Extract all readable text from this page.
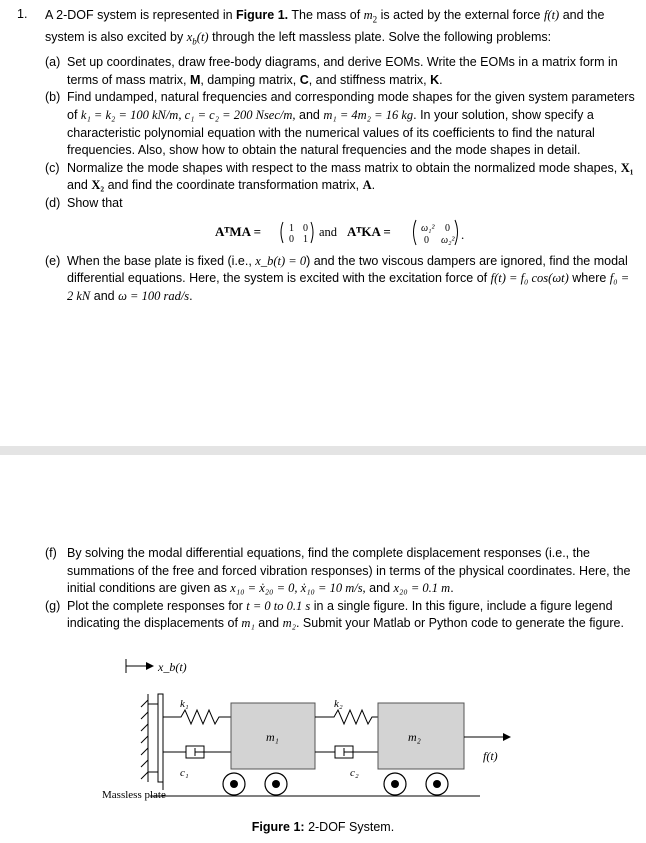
1. A 2-DOF system is represented in Figure 1. The mass of $m_2$ is acted by the external force f(t) and the system is also excited by $x_b(t)$ through the left massless plate. Solve the following problems:
(a) Set up coordinates, draw free-body diagrams, and derive EOMs. Write the EOMs in a matrix form in terms of mass matrix, M, damping matrix, C, and stiffness matrix, K.
(b) Find undamped, natural frequencies and corresponding mode shapes for the given system parameters of k₁ = k₂ = 100 kN/m, c₁ = c₂ = 200 Nsec/m, and m₁ = 4m₂ = 16 kg. In your solution, show specify a characteristic polynomial equation with the numerical values of its coefficients to find the natural frequencies. Also, show how to obtain the natural frequencies and the mode shapes in detail.
(c) Normalize the mode shapes with respect to the mass matrix to obtain the normalized mode shapes, X₁ and X₂ and find the coordinate transformation matrix, A.
(d) Show that
AᵀMA =	1 0
0 1
and AᵀKA =	ω₁² 0
0 ω₂² .
(e) When the base plate is fixed (i.e., x_b(t) = 0) and the two viscous dampers are ignored, find the modal differential equations. Here, the system is excited with the excitation force of f(t) = f₀ cos(ωt) where f₀ = 2 kN and ω = 100 rad/s.
(f) By solving the modal differential equations, find the complete displacement responses (i.e., the summations of the free and forced vibration responses) in terms of the physical coordinates. Here, the initial conditions are given as x₁₀ = ẋ₂₀ = 0, ẋ₁₀ = 10 m/s, and x₂₀ = 0.1 m.
(g) Plot the complete responses for t = 0 to 0.1 s in a single figure. In this figure, include a figure legend indicating the displacements of m₁ and m₂. Submit your Matlab or Python code to generate the figure.
x_b(t)
k₁
c₁
m₁
k₂
c₂
m₂
f(t)
Massless plate
Figure 1: 2-DOF System.
